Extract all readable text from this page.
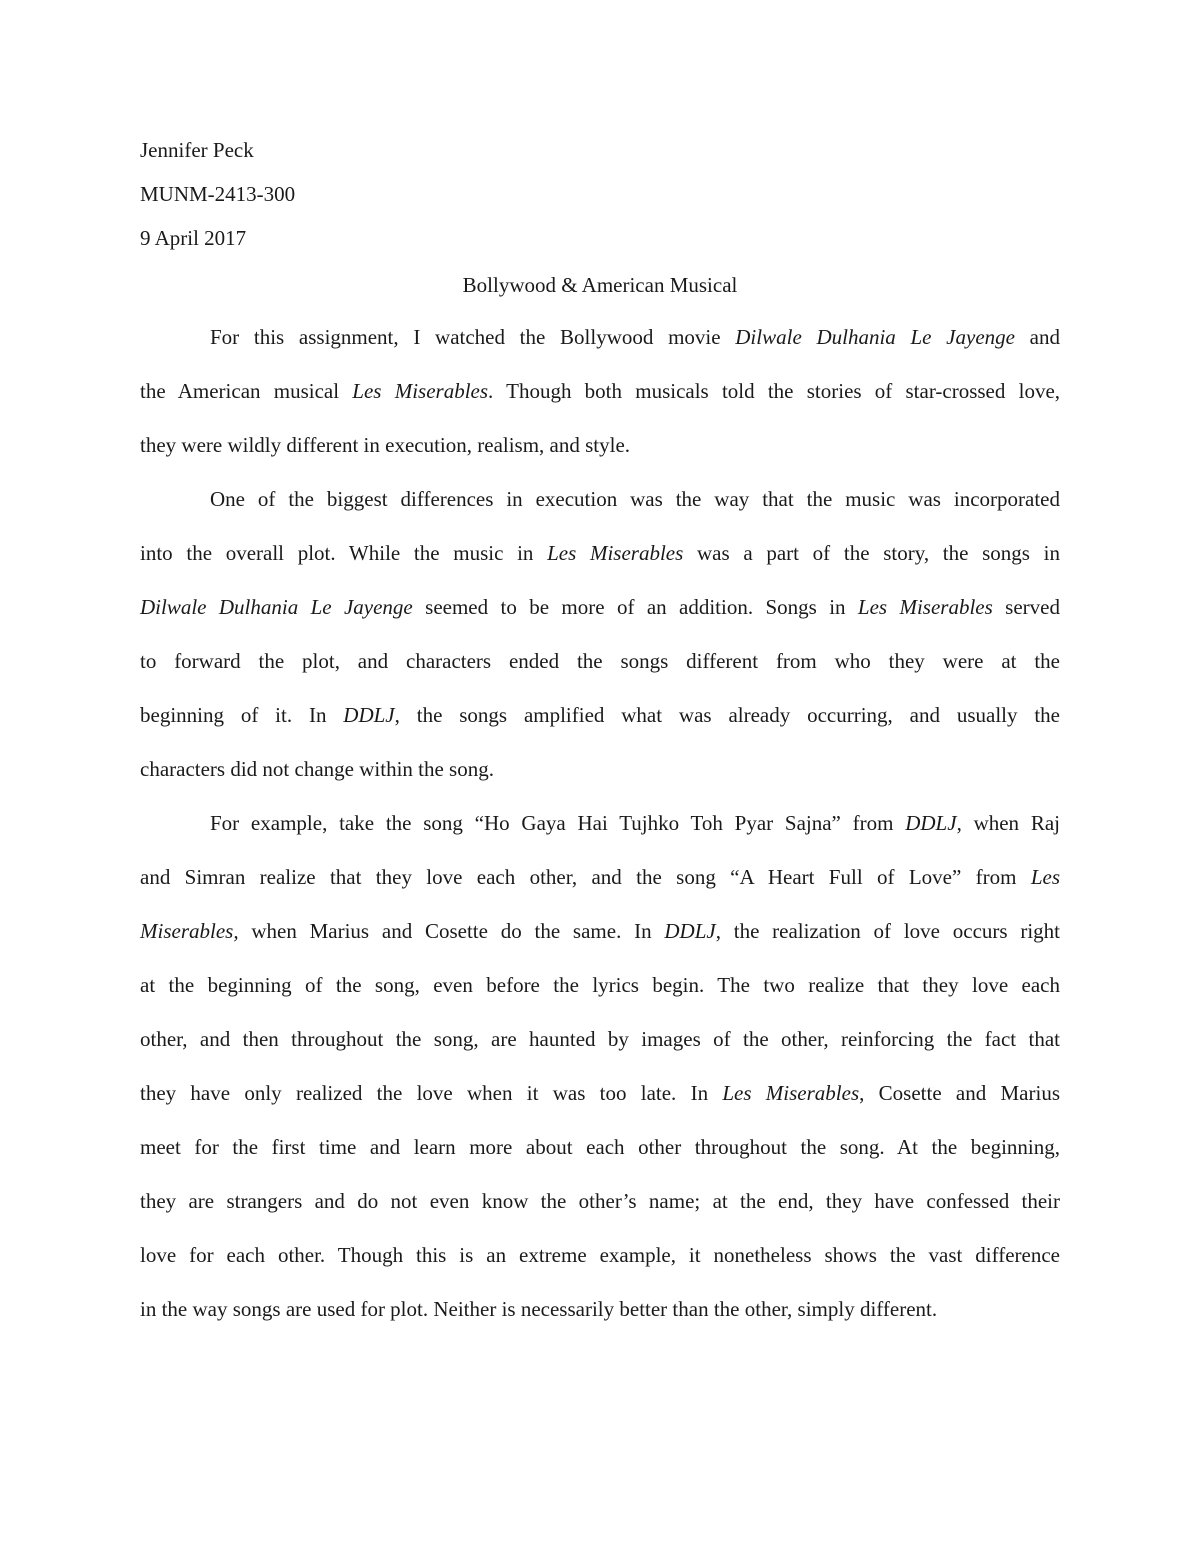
Jennifer Peck
MUNM-2413-300
9 April 2017
Bollywood & American Musical
For this assignment, I watched the Bollywood movie Dilwale Dulhania Le Jayenge and
the American musical Les Miserables. Though both musicals told the stories of star-crossed love,
they were wildly different in execution, realism, and style.
One of the biggest differences in execution was the way that the music was incorporated
into the overall plot. While the music in Les Miserables was a part of the story, the songs in
Dilwale Dulhania Le Jayenge seemed to be more of an addition. Songs in Les Miserables served
to forward the plot, and characters ended the songs different from who they were at the
beginning of it. In DDLJ, the songs amplified what was already occurring, and usually the
characters did not change within the song.
For example, take the song “Ho Gaya Hai Tujhko Toh Pyar Sajna” from DDLJ, when Raj
and Simran realize that they love each other, and the song “A Heart Full of Love” from Les
Miserables, when Marius and Cosette do the same. In DDLJ, the realization of love occurs right
at the beginning of the song, even before the lyrics begin. The two realize that they love each
other, and then throughout the song, are haunted by images of the other, reinforcing the fact that
they have only realized the love when it was too late. In Les Miserables, Cosette and Marius
meet for the first time and learn more about each other throughout the song. At the beginning,
they are strangers and do not even know the other’s name; at the end, they have confessed their
love for each other. Though this is an extreme example, it nonetheless shows the vast difference
in the way songs are used for plot. Neither is necessarily better than the other, simply different.
